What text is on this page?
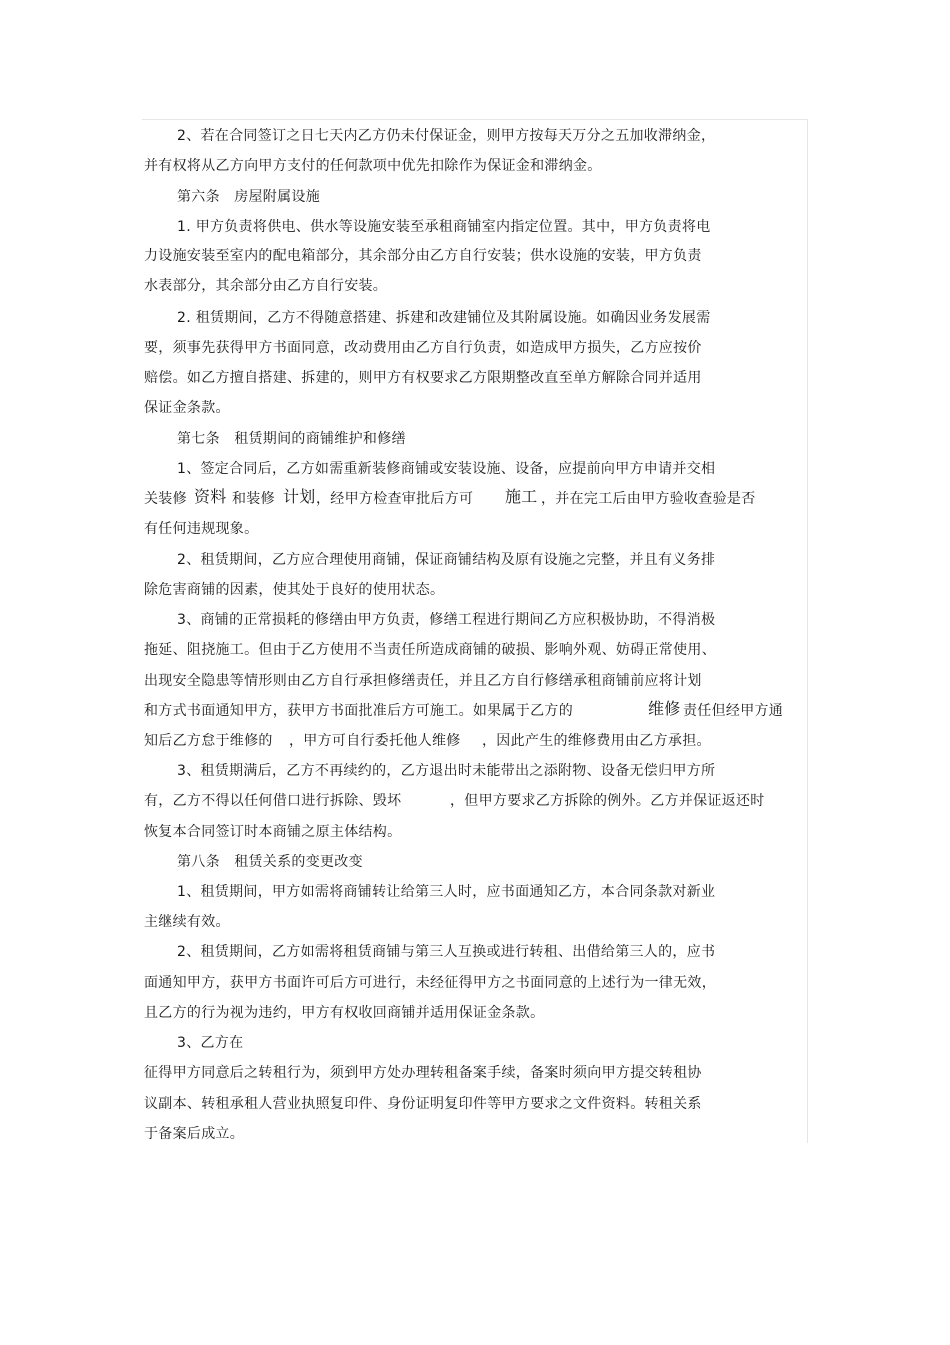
2、若在合同签订之日七天内乙方仍未付保证金，则甲方按每天万分之五加收滞纳金，
并有权将从乙方向甲方支付的任何款项中优先扣除作为保证金和滞纳金。
第六条　房屋附属设施
1. 甲方负责将供电、供水等设施安装至承租商铺室内指定位置。其中，甲方负责将电
力设施安装至室内的配电箱部分，其余部分由乙方自行安装；供水设施的安装，甲方负责
水表部分，其余部分由乙方自行安装。
2. 租赁期间，乙方不得随意搭建、拆建和改建铺位及其附属设施。如确因业务发展需
要，须事先获得甲方书面同意，改动费用由乙方自行负责，如造成甲方损失，乙方应按价
赔偿。如乙方擅自搭建、拆建的，则甲方有权要求乙方限期整改直至单方解除合同并适用
保证金条款。
第七条　租赁期间的商铺维护和修缮
1、签定合同后，乙方如需重新装修商铺或安装设施、设备，应提前向甲方申请并交相
关装修 资料 和装修 计划 ，经甲方检查审批后方可 施工 ，并在完工后由甲方验收查验是否
有任何违规现象。
2、租赁期间，乙方应合理使用商铺，保证商铺结构及原有设施之完整，并且有义务排
除危害商铺的因素，使其处于良好的使用状态。
3、商铺的正常损耗的修缮由甲方负责，修缮工程进行期间乙方应积极协助，不得消极
拖延、阻挠施工。但由于乙方使用不当责任所造成商铺的破损、影响外观、妨碍正常使用、
出现安全隐患等情形则由乙方自行承担修缮责任，并且乙方自行修缮承租商铺前应将计划
和方式书面通知甲方，获甲方书面批准后方可施工。如果属于乙方的	维修 责任但经甲方通
知后乙方怠于维修的 ，甲方可自行委托他人维修 ，因此产生的维修费用由乙方承担。
3、租赁期满后，乙方不再续约的，乙方退出时未能带出之添附物、设备无偿归甲方所
有，乙方不得以任何借口进行拆除、毁坏	，但甲方要求乙方拆除的例外。乙方并保证返还时
恢复本合同签订时本商铺之原主体结构。
第八条　租赁关系的变更改变
1、租赁期间，甲方如需将商铺转让给第三人时，应书面通知乙方，本合同条款对新业
主继续有效。
2、租赁期间，乙方如需将租赁商铺与第三人互换或进行转租、出借给第三人的，应书
面通知甲方，获甲方书面许可后方可进行，未经征得甲方之书面同意的上述行为一律无效，
且乙方的行为视为违约，甲方有权收回商铺并适用保证金条款。
3、乙方在
征得甲方同意后之转租行为，须到甲方处办理转租备案手续，备案时须向甲方提交转租协
议副本、转租承租人营业执照复印件、身份证明复印件等甲方要求之文件资料。转租关系
于备案后成立。
